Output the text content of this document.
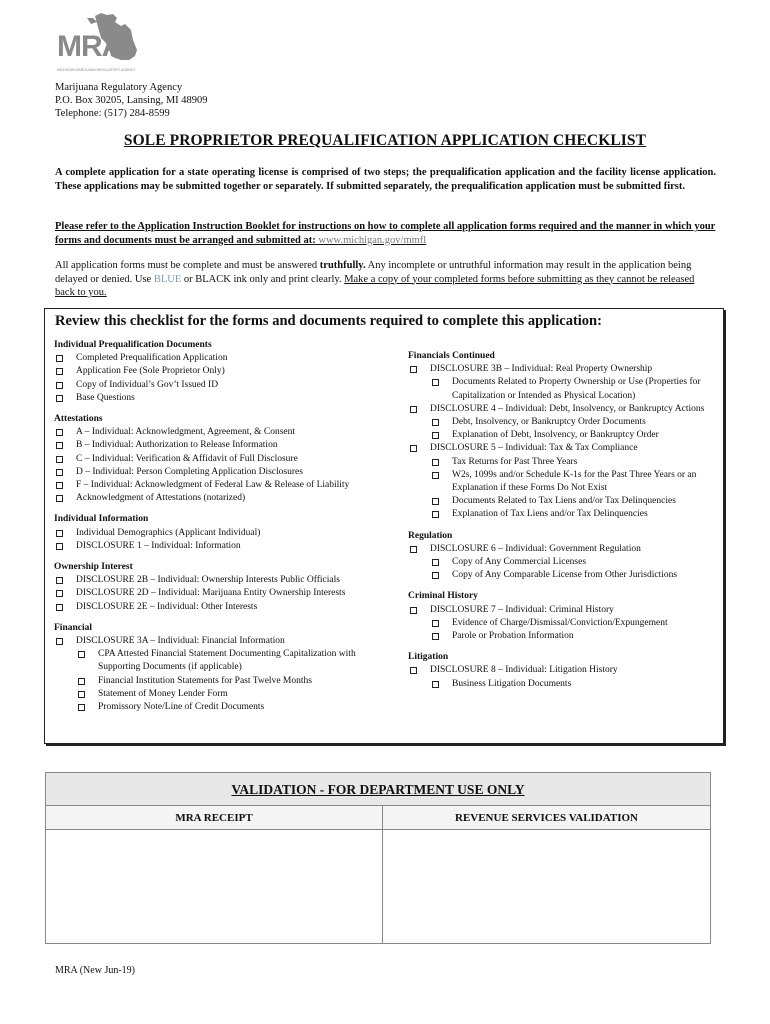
MRA
MICHIGAN MARIJUANA REGULATORY AGENCY
Marijuana Regulatory Agency
P.O. Box 30205, Lansing, MI 48909
Telephone: (517) 284-8599
SOLE PROPRIETOR PREQUALIFICATION APPLICATION CHECKLIST
A complete application for a state operating license is comprised of two steps; the prequalification application and the facility license application. These applications may be submitted together or separately. If submitted separately, the prequalification application must be submitted first.
Please refer to the Application Instruction Booklet for instructions on how to complete all application forms required and the manner in which your forms and documents must be arranged and submitted at: www.michigan.gov/mmfl
All application forms must be complete and must be answered truthfully. Any incomplete or untruthful information may result in the application being delayed or denied. Use BLUE or BLACK ink only and print clearly. Make a copy of your completed forms before submitting as they cannot be released back to you.
Review this checklist for the forms and documents required to complete this application:
Individual Prequalification Documents
Completed Prequalification Application
Application Fee (Sole Proprietor Only)
Copy of Individual’s Gov’t Issued ID
Base Questions
Attestations
A – Individual: Acknowledgment, Agreement, & Consent
B – Individual: Authorization to Release Information
C – Individual: Verification & Affidavit of Full Disclosure
D – Individual: Person Completing Application Disclosures
F – Individual: Acknowledgment of Federal Law & Release of Liability
Acknowledgment of Attestations (notarized)
Individual Information
Individual Demographics (Applicant Individual)
DISCLOSURE 1 – Individual: Information
Ownership Interest
DISCLOSURE 2B – Individual: Ownership Interests Public Officials
DISCLOSURE 2D – Individual: Marijuana Entity Ownership Interests
DISCLOSURE 2E – Individual: Other Interests
Financial
DISCLOSURE 3A – Individual: Financial Information
CPA Attested Financial Statement Documenting Capitalization with Supporting Documents (if applicable)
Financial Institution Statements for Past Twelve Months
Statement of Money Lender Form
Promissory Note/Line of Credit Documents
Financials Continued
DISCLOSURE 3B – Individual: Real Property Ownership
Documents Related to Property Ownership or Use (Properties for Capitalization or Intended as Physical Location)
DISCLOSURE 4 – Individual: Debt, Insolvency, or Bankruptcy Actions
Debt, Insolvency, or Bankruptcy Order Documents
Explanation of Debt, Insolvency, or Bankruptcy Order
DISCLOSURE 5 – Individual: Tax & Tax Compliance
Tax Returns for Past Three Years
W2s, 1099s and/or Schedule K-1s for the Past Three Years or an Explanation if these Forms Do Not Exist
Documents Related to Tax Liens and/or Tax Delinquencies
Explanation of Tax Liens and/or Tax Delinquencies
Regulation
DISCLOSURE 6 – Individual: Government Regulation
Copy of Any Commercial Licenses
Copy of Any Comparable License from Other Jurisdictions
Criminal History
DISCLOSURE 7 – Individual: Criminal History
Evidence of Charge/Dismissal/Conviction/Expungement
Parole or Probation Information
Litigation
DISCLOSURE 8 – Individual: Litigation History
Business Litigation Documents
VALIDATION - FOR DEPARTMENT USE ONLY
MRA RECEIPT	REVENUE SERVICES VALIDATION
MRA (New Jun-19)
